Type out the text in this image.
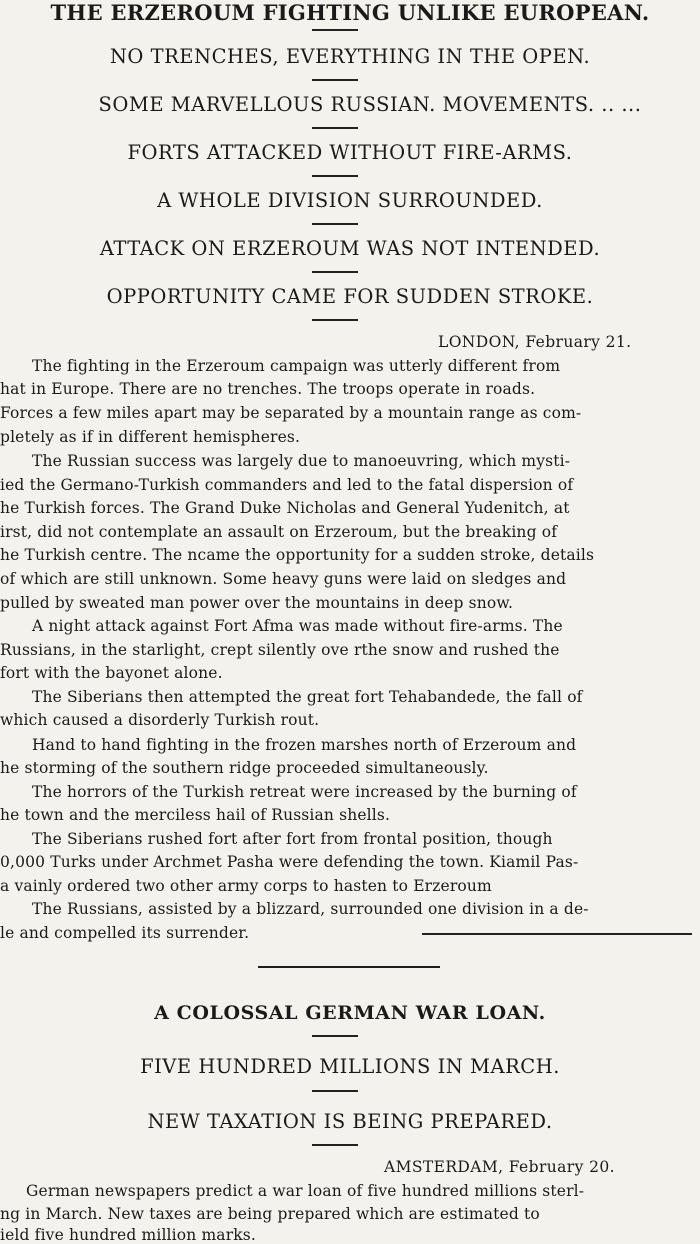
THE ERZEROUM FIGHTING UNLIKE EUROPEAN.
NO TRENCHES, EVERYTHING IN THE OPEN.
SOME MARVELLOUS RUSSIAN. MOVEMENTS. .. ...
FORTS ATTACKED WITHOUT FIRE-ARMS.
A WHOLE DIVISION SURROUNDED.
ATTACK ON ERZEROUM WAS NOT INTENDED.
OPPORTUNITY CAME FOR SUDDEN STROKE.
LONDON, February 21.
The fighting in the Erzeroum campaign was utterly different from
hat in Europe. There are no trenches. The troops operate in roads.
Forces a few miles apart may be separated by a mountain range as com-
pletely as if in different hemispheres.
The Russian success was largely due to manoeuvring, which mysti-
ied the Germano-Turkish commanders and led to the fatal dispersion of
he Turkish forces. The Grand Duke Nicholas and General Yudenitch, at
irst, did not contemplate an assault on Erzeroum, but the breaking of
he Turkish centre. The ncame the opportunity for a sudden stroke, details
of which are still unknown. Some heavy guns were laid on sledges and
pulled by sweated man power over the mountains in deep snow.
A night attack against Fort Afma was made without fire-arms. The
Russians, in the starlight, crept silently ove rthe snow and rushed the
fort with the bayonet alone.
The Siberians then attempted the great fort Tehabandede, the fall of
which caused a disorderly Turkish rout.
Hand to hand fighting in the frozen marshes north of Erzeroum and
he storming of the southern ridge proceeded simultaneously.
The horrors of the Turkish retreat were increased by the burning of
he town and the merciless hail of Russian shells.
The Siberians rushed fort after fort from frontal position, though
0,000 Turks under Archmet Pasha were defending the town. Kiamil Pas-
a vainly ordered two other army corps to hasten to Erzeroum
The Russians, assisted by a blizzard, surrounded one division in a de-
le and compelled its surrender.
A COLOSSAL GERMAN WAR LOAN.
FIVE HUNDRED MILLIONS IN MARCH.
NEW TAXATION IS BEING PREPARED.
AMSTERDAM, February 20.
German newspapers predict a war loan of five hundred millions sterl-
ng in March. New taxes are being prepared which are estimated to
ield five hundred million marks.
